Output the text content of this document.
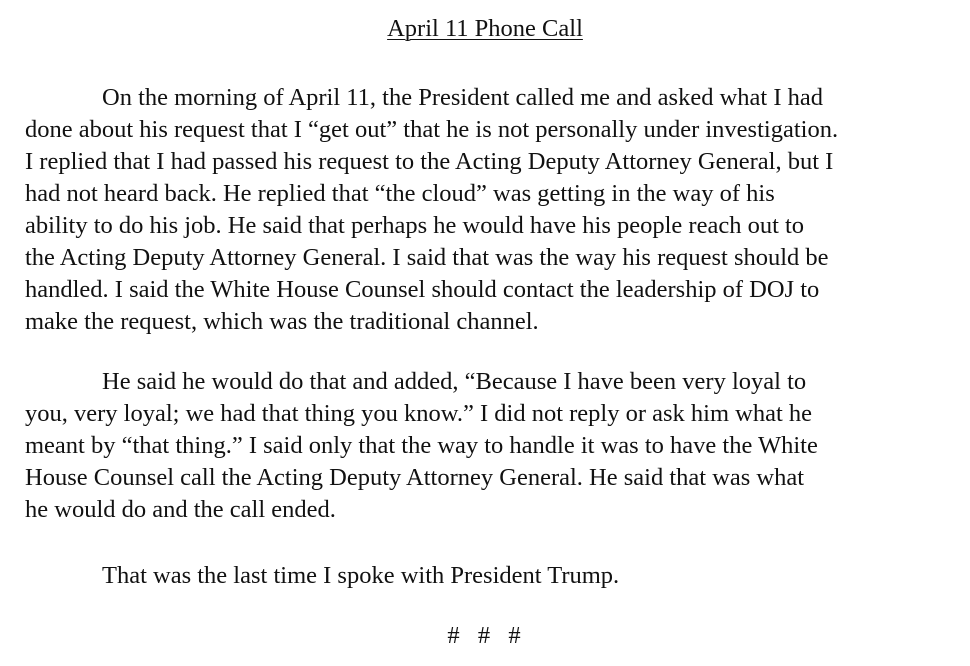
April 11 Phone Call
On the morning of April 11, the President called me and asked what I had
done about his request that I “get out” that he is not personally under investigation.
I replied that I had passed his request to the Acting Deputy Attorney General, but I
had not heard back. He replied that “the cloud” was getting in the way of his
ability to do his job. He said that perhaps he would have his people reach out to
the Acting Deputy Attorney General. I said that was the way his request should be
handled. I said the White House Counsel should contact the leadership of DOJ to
make the request, which was the traditional channel.
He said he would do that and added, “Because I have been very loyal to
you, very loyal; we had that thing you know.” I did not reply or ask him what he
meant by “that thing.” I said only that the way to handle it was to have the White
House Counsel call the Acting Deputy Attorney General. He said that was what
he would do and the call ended.
That was the last time I spoke with President Trump.
#  #  #
